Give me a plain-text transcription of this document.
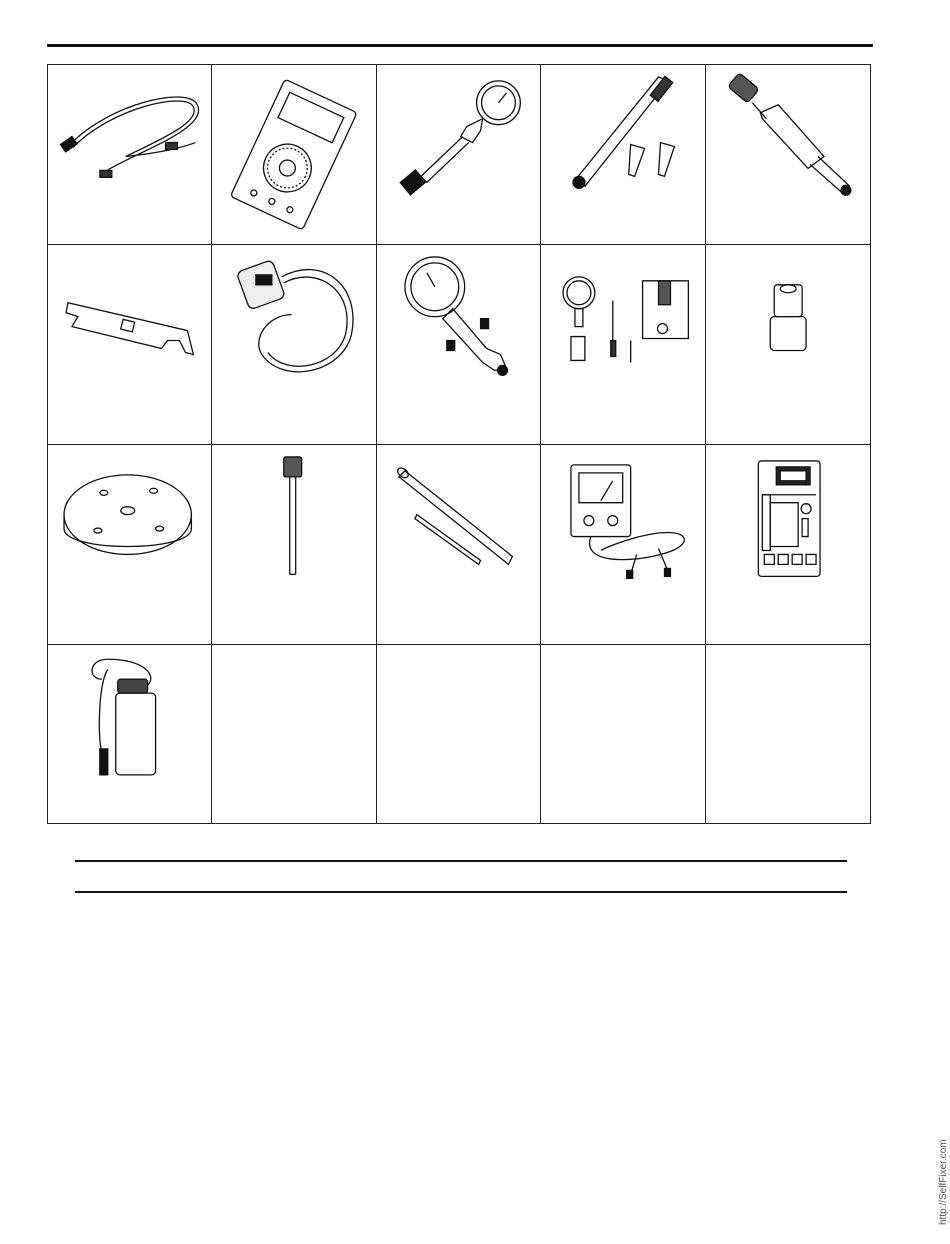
http://SelfFixer.com
